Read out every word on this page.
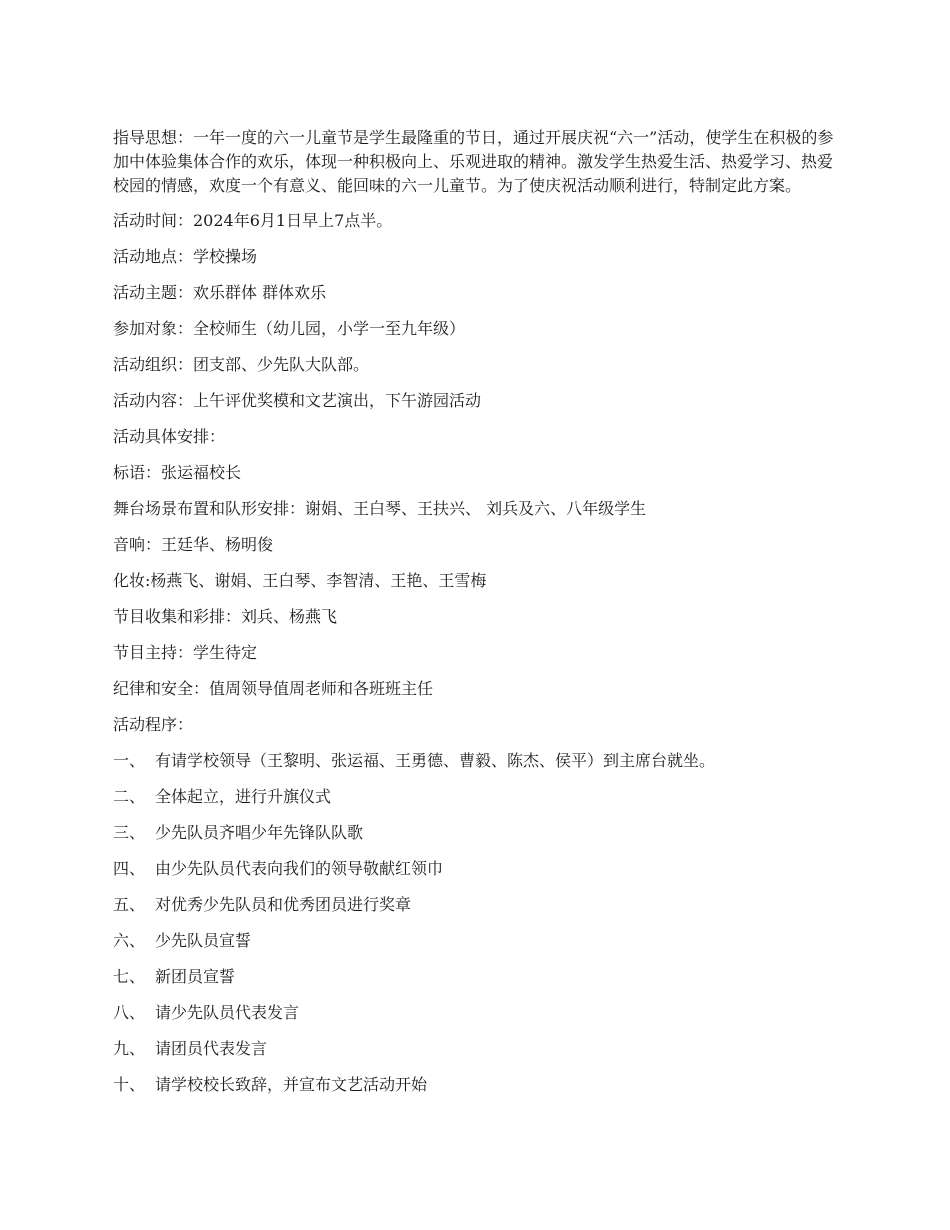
指导思想：一年一度的六一儿童节是学生最隆重的节日，通过开展庆祝“六一”活动，使学生在积极的参加中体验集体合作的欢乐，体现一种积极向上、乐观进取的精神。激发学生热爱生活、热爱学习、热爱校园的情感，欢度一个有意义、能回味的六一儿童节。为了使庆祝活动顺利进行，特制定此方案。

活动时间：2024年6月1日早上7点半。

活动地点：学校操场

活动主题：欢乐群体 群体欢乐

参加对象：全校师生（幼儿园，小学一至九年级）

活动组织：团支部、少先队大队部。

活动内容：上午评优奖模和文艺演出，下午游园活动

活动具体安排：

标语：张运福校长

舞台场景布置和队形安排：谢娟、王白琴、王扶兴、 刘兵及六、八年级学生

音响：王廷华、杨明俊

化妆:杨燕飞、谢娟、王白琴、李智清、王艳、王雪梅

节目收集和彩排：刘兵、杨燕飞

节目主持：学生待定

纪律和安全：值周领导值周老师和各班班主任

活动程序：

一、 有请学校领导（王黎明、张运福、王勇德、曹毅、陈杰、侯平）到主席台就坐。

二、 全体起立，进行升旗仪式

三、 少先队员齐唱少年先锋队队歌

四、 由少先队员代表向我们的领导敬献红领巾

五、 对优秀少先队员和优秀团员进行奖章

六、 少先队员宣誓

七、 新团员宣誓

八、 请少先队员代表发言

九、 请团员代表发言

十、 请学校校长致辞，并宣布文艺活动开始
